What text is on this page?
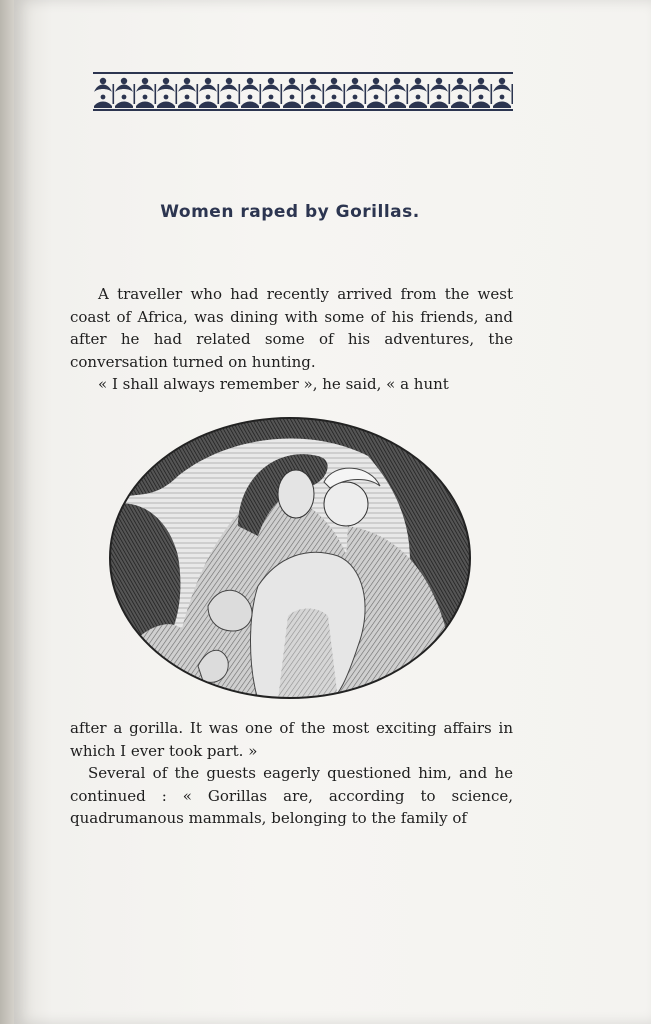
Women raped by Gorillas.

A traveller who had recently arrived from the west coast of Africa, was dining with some of his friends, and after he had related some of his adventures, the conversation turned on hunting.

« I shall always remember », he said, « a hunt

after a gorilla. It was one of the most exciting affairs in which I ever took part. »

Several of the guests eagerly questioned him, and he continued : « Gorillas are, according to science, quadrumanous mammals, belonging to the family of
